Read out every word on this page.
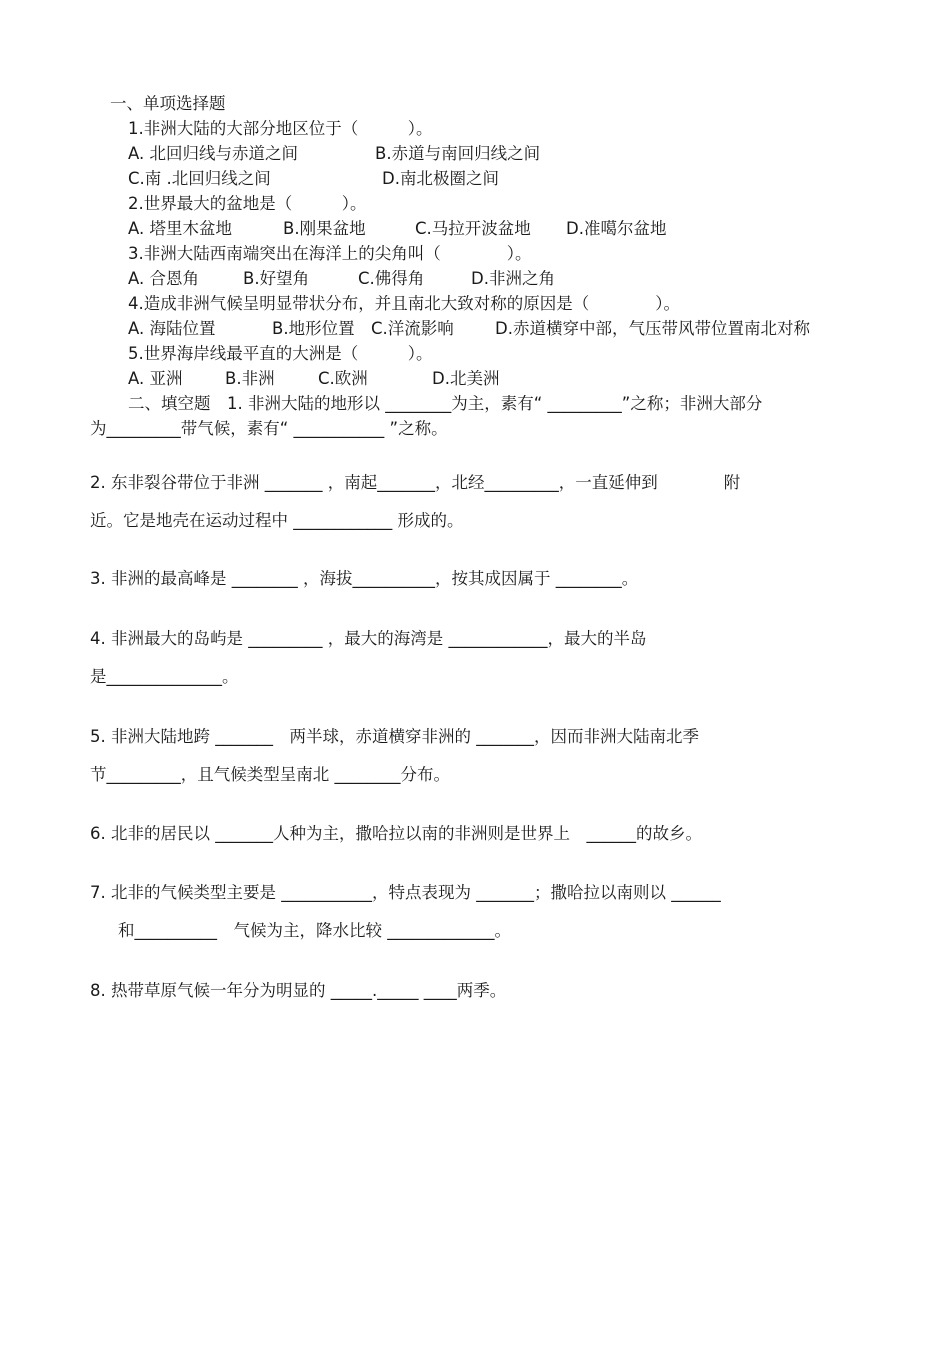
一、单项选择题
1.非洲大陆的大部分地区位于（　　　）。
A. 北回归线与赤道之间	B.赤道与南回归线之间
C.南 .北回归线之间	D.南北极圈之间
2.世界最大的盆地是（　　　）。
A. 塔里木盆地	B.刚果盆地	C.马拉开波盆地 D.准噶尔盆地
3.非洲大陆西南端突出在海洋上的尖角叫（　　　　）。
A. 合恩角	B.好望角	C.佛得角	D.非洲之角
4.造成非洲气候呈明显带状分布，并且南北大致对称的原因是（　　　　）。
A. 海陆位置	B.地形位置 C.洋流影响 D.赤道横穿中部，气压带风带位置南北对称
5.世界海岸线最平直的大洲是（　　　）。
A. 亚洲	B.非洲	C.欧洲	D.北美洲
二、填空题　1. 非洲大陆的地形以 ________为主，素有“ _________”之称；非洲大部分
为_________带气候，素有“ ___________ ”之称。
2. 东非裂谷带位于非洲 _______ ，南起_______，北经_________，一直延伸到　　　　附
近。它是地壳在运动过程中 ____________ 形成的。
3. 非洲的最高峰是 ________ ，海拔__________，按其成因属于 ________。
4. 非洲最大的岛屿是 _________ ，最大的海湾是 ____________，最大的半岛
是______________。
5. 非洲大陆地跨 _______　两半球，赤道横穿非洲的 _______，因而非洲大陆南北季
节_________，且气候类型呈南北 ________分布。
6. 北非的居民以 _______人种为主，撒哈拉以南的非洲则是世界上　______的故乡。
7. 北非的气候类型主要是 ___________，特点表现为 _______；撒哈拉以南则以 ______
和__________　气候为主，降水比较 _____________。
8. 热带草原气候一年分为明显的 _____._____ ____两季。
